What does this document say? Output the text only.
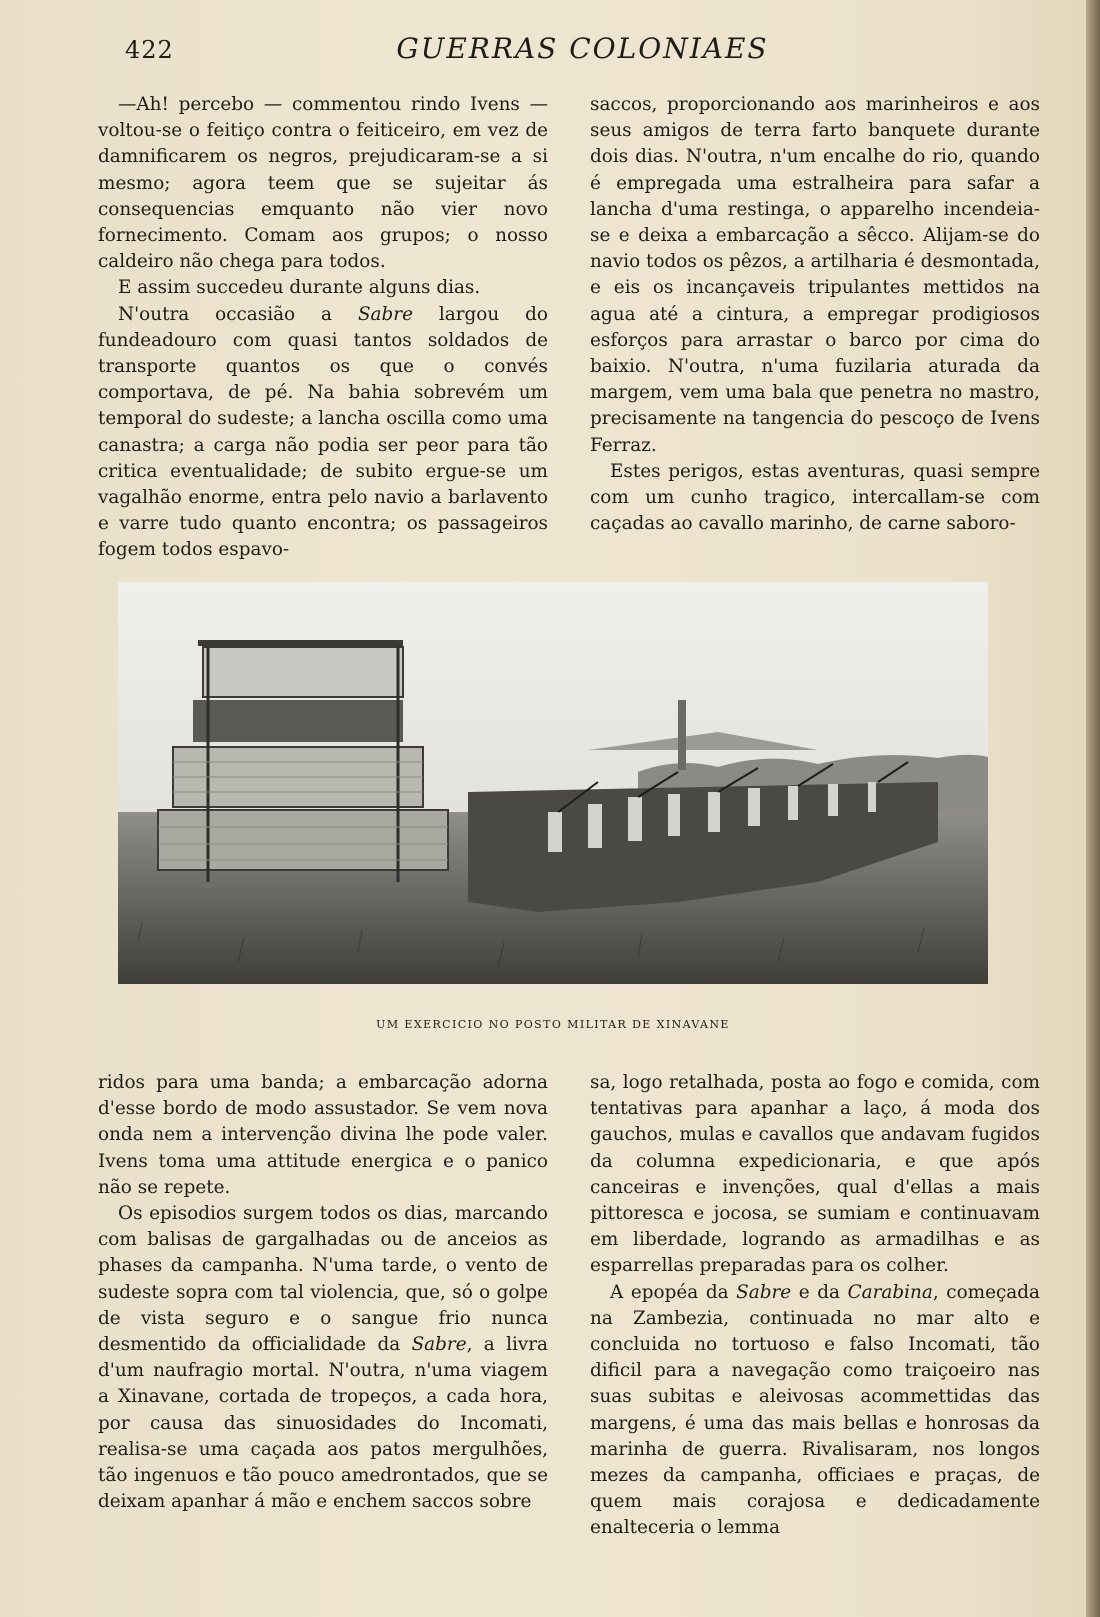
422	GUERRAS COLONIAES

—Ah! percebo — commentou rindo Ivens — voltou-se o feitiço contra o feiticeiro, em vez de damnificarem os negros, prejudicaram-se a si mesmo; agora teem que se sujeitar ás consequencias emquanto não vier novo fornecimento. Comam aos grupos; o nosso caldeiro não chega para todos.

E assim succedeu durante alguns dias.

N'outra occasião a Sabre largou do fundeadouro com quasi tantos soldados de transporte quantos os que o convés comportava, de pé. Na bahia sobrevém um temporal do sudeste; a lancha oscilla como uma canastra; a carga não podia ser peor para tão critica eventualidade; de subito ergue-se um vagalhão enorme, entra pelo navio a barlavento e varre tudo quanto encontra; os passageiros fogem todos espavo-

saccos, proporcionando aos marinheiros e aos seus amigos de terra farto banquete durante dois dias. N'outra, n'um encalhe do rio, quando é empregada uma estralheira para safar a lancha d'uma restinga, o apparelho incendeia-se e deixa a embarcação a sêcco. Alijam-se do navio todos os pêzos, a artilharia é desmontada, e eis os incançaveis tripulantes mettidos na agua até a cintura, a empregar prodigiosos esforços para arrastar o barco por cima do baixio. N'outra, n'uma fuzilaria aturada da margem, vem uma bala que penetra no mastro, precisamente na tangencia do pescoço de Ivens Ferraz.

Estes perigos, estas aventuras, quasi sempre com um cunho tragico, intercallam-se com caçadas ao cavallo marinho, de carne saboro-

UM EXERCICIO NO POSTO MILITAR DE XINAVANE

ridos para uma banda; a embarcação adorna d'esse bordo de modo assustador. Se vem nova onda nem a intervenção divina lhe pode valer. Ivens toma uma attitude energica e o panico não se repete.

Os episodios surgem todos os dias, marcando com balisas de gargalhadas ou de anceios as phases da campanha. N'uma tarde, o vento de sudeste sopra com tal violencia, que, só o golpe de vista seguro e o sangue frio nunca desmentido da officialidade da Sabre, a livra d'um naufragio mortal. N'outra, n'uma viagem a Xinavane, cortada de tropeços, a cada hora, por causa das sinuosidades do Incomati, realisa-se uma caçada aos patos mergulhões, tão ingenuos e tão pouco amedrontados, que se deixam apanhar á mão e enchem saccos sobre

sa, logo retalhada, posta ao fogo e comida, com tentativas para apanhar a laço, á moda dos gauchos, mulas e cavallos que andavam fugidos da columna expedicionaria, e que após canceiras e invenções, qual d'ellas a mais pittoresca e jocosa, se sumiam e continuavam em liberdade, logrando as armadilhas e as esparrellas preparadas para os colher.

A epopéa da Sabre e da Carabina, começada na Zambezia, continuada no mar alto e concluida no tortuoso e falso Incomati, tão dificil para a navegação como traiçoeiro nas suas subitas e aleivosas acommettidas das margens, é uma das mais bellas e honrosas da marinha de guerra. Rivalisaram, nos longos mezes da campanha, officiaes e praças, de quem mais corajosa e dedicadamente enalteceria o lemma
